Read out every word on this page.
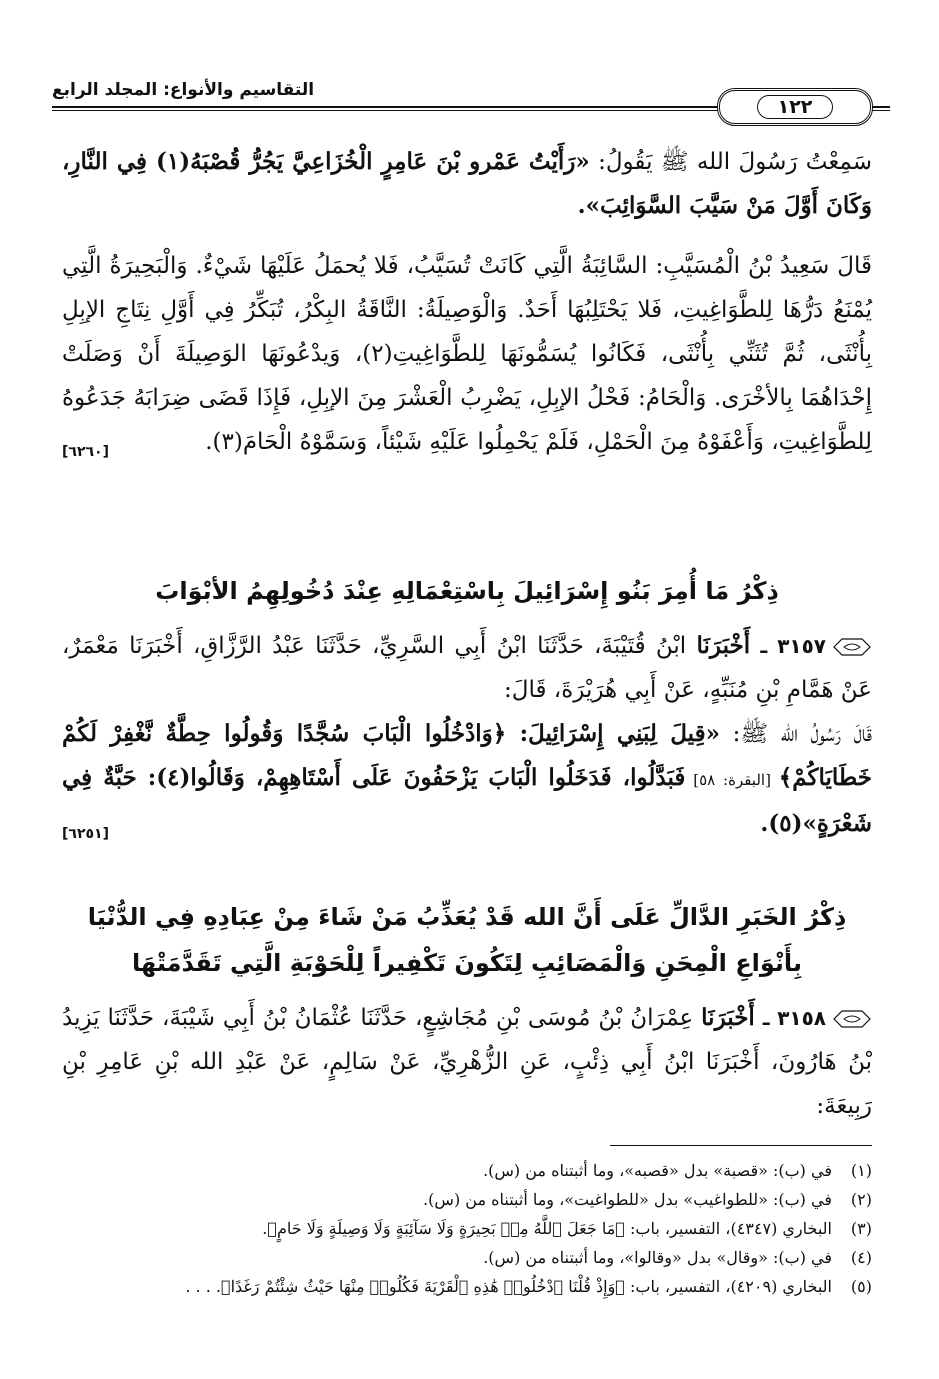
التقاسيم والأنواع: المجلد الرابع
١٢٢

سَمِعْتُ رَسُولَ الله ﷺ يَقُولُ: «رَأَيْتُ عَمْرو بْنَ عَامِرٍ الْخُزَاعِيَّ يَجُرُّ قُصْبَهُ(١) فِي النَّارِ، وَكَانَ أَوَّلَ مَنْ سَيَّبَ السَّوَائِبَ».

قَالَ سَعِيدُ بْنُ الْمُسَيَّبِ: السَّائِبَةُ الَّتِي كَانَتْ تُسَيَّبُ، فَلا يُحمَلُ عَلَيْهَا شَيْءٌ. وَالْبَحِيرَةُ الَّتِي يُمْنَعُ دَرُّهَا لِلطَّوَاغِيتِ، فَلا يَحْتَلِبُهَا أَحَدٌ. وَالْوَصِيلَةُ: النَّاقَةُ البِكْرُ، تُبَكِّرُ فِي أَوَّلِ نِتَاجِ الإبِلِ بِأُنْثَى، ثُمَّ تُثَنِّي بِأُنْثَى، فَكَانُوا يُسَمُّونَهَا لِلطَّوَاغِيتِ(٢)، وَيدْعُونَهَا الوَصِيلَةَ أَنْ وَصَلَتْ إِحْدَاهُمَا بِالأخْرَى. وَالْحَامُ: فَحْلُ الإبِلِ، يَضْرِبُ الْعَشْرَ مِنَ الإبِلِ، فَإِذَا قَضَى ضِرَابَهُ جَدَعُوهُ لِلطَّوَاغِيتِ، وَأَعْفَوْهُ مِنَ الْحَمْلِ، فَلَمْ يَحْمِلُوا عَلَيْهِ شَيْئاً، وَسَمَّوْهُ الْحَامَ(٣).
[٦٢٦٠]

ذِكْرُ مَا أُمِرَ بَنُو إِسْرَائِيلَ بِاسْتِعْمَالِهِ عِنْدَ دُخُولِهِمُ الأبْوَابَ

٣١٥٧ ـ أَخْبَرَنَا ابْنُ قُتَيْبَةَ، حَدَّثَنَا ابْنُ أَبِي السَّرِيِّ، حَدَّثَنَا عَبْدُ الرَّزَّاقِ، أَخْبَرَنَا مَعْمَرٌ، عَنْ هَمَّامِ بْنِ مُنَبِّهٍ، عَنْ أَبِي هُرَيْرَةَ، قَالَ:

قَالَ رَسُولُ الله ﷺ: «قِيلَ لِبَنِي إِسْرَائِيلَ: ﴿وَادْخُلُوا الْبَابَ سُجَّدًا وَقُولُوا حِطَّةٌ نَّغْفِرْ لَكُمْ خَطَايَاكُمْ﴾ [البقرة: ٥٨] فَبَدَّلُوا، فَدَخَلُوا الْبَابَ يَزْحَفُونَ عَلَى أَسْتَاهِهِمْ، وَقَالُوا(٤): حَبَّةٌ فِي شَعْرَةٍ»(٥).
[٦٢٥١]

ذِكْرُ الخَبَرِ الدَّالِّ عَلَى أَنَّ الله قَدْ يُعَذِّبُ مَنْ شَاءَ مِنْ عِبَادِهِ فِي الدُّنْيَا بِأَنْوَاعِ الْمِحَنِ وَالْمَصَائِبِ لِتَكُونَ تَكْفِيراً لِلْحَوْبَةِ الَّتِي تَقَدَّمَتْهَا

٣١٥٨ ـ أَخْبَرَنَا عِمْرَانُ بْنُ مُوسَى بْنِ مُجَاشِعٍ، حَدَّثَنَا عُثْمَانُ بْنُ أَبِي شَيْبَةَ، حَدَّثَنَا يَزِيدُ بْنُ هَارُونَ، أَخْبَرَنَا ابْنُ أَبِي ذِئْبٍ، عَنِ الزُّهْرِيِّ، عَنْ سَالِمٍ، عَنْ عَبْدِ الله بْنِ عَامِرِ بْنِ رَبِيعَةَ:

(١)في (ب): «قصبة» بدل «قصبه»، وما أثبتناه من (س).
(٢)في (ب): «للطواغيب» بدل «للطواغيت»، وما أثبتناه من (س).
(٣)البخاري (٤٣٤٧)، التفسير، باب: ﴿مَا جَعَلَ ٱللَّهُ مِنۢ بَحِيرَةٍ وَلَا سَآئِبَةٍ وَلَا وَصِيلَةٍ وَلَا حَامٍ﴾.
(٤)في (ب): «وقال» بدل «وقالوا»، وما أثبتناه من (س).
(٥)البخاري (٤٢٠٩)، التفسير، باب: ﴿وَإِذْ قُلْنَا ٱدْخُلُوا۟ هَٰذِهِ ٱلْقَرْيَةَ فَكُلُوا۟ مِنْهَا حَيْثُ شِئْتُمْ رَغَدًا﴾. . . .
